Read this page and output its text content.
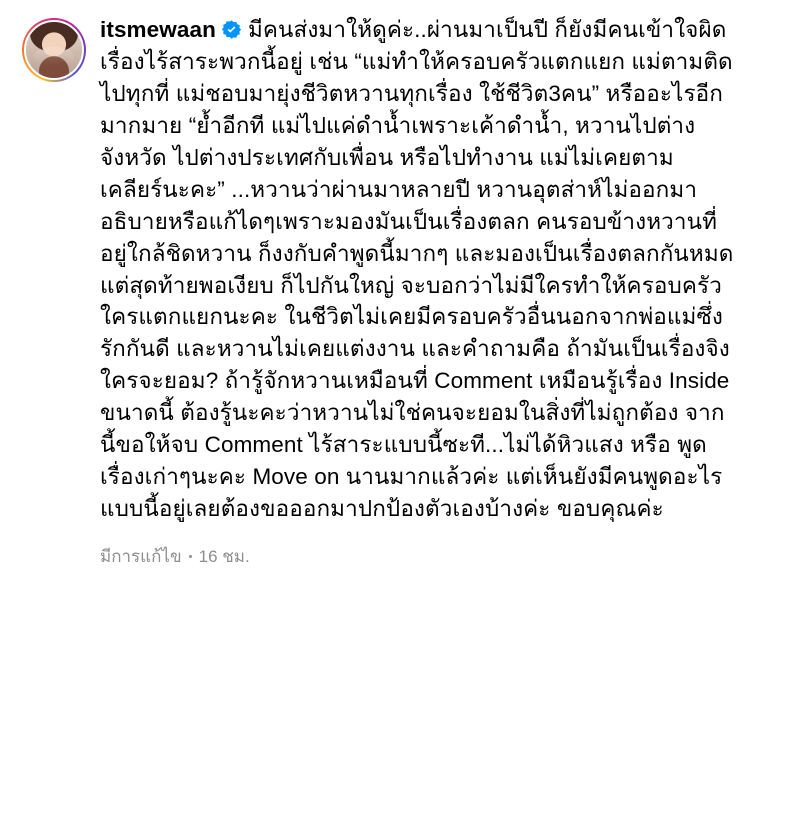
itsmewaan มีคนส่งมาให้ดูค่ะ..ผ่านมาเป็นปี ก็ยังมีคนเข้าใจผิดเรื่องไร้สาระพวกนี้อยู่ เช่น “แม่ทำให้ครอบครัวแตกแยก แม่ตามติดไปทุกที่ แม่ชอบมายุ่งชีวิตหวานทุกเรื่อง ใช้ชีวิต3คน” หรืออะไรอีกมากมาย “ย้ำอีกที แม่ไปแค่ดำน้ำเพราะเค้าดำน้ำ, หวานไปต่างจังหวัด ไปต่างประเทศกับเพื่อน หรือไปทำงาน แม่ไม่เคยตาม เคลียร์นะคะ” ...หวานว่าผ่านมาหลายปี หวานอุตส่าห์ไม่ออกมาอธิบายหรือแก้ไดๆเพราะมองมันเป็นเรื่องตลก คนรอบข้างหวานที่อยู่ใกล้ชิดหวาน ก็งงกับคำพูดนี้มากๆ และมองเป็นเรื่องตลกกันหมด แต่สุดท้ายพอเงียบ ก็ไปกันใหญ่ จะบอกว่าไม่มีใครทำให้ครอบครัวใครแตกแยกนะคะ ในชีวิตไม่เคยมีครอบครัวอื่นนอกจากพ่อแม่ซึ่งรักกันดี และหวานไม่เคยแต่งงาน และคำถามคือ ถ้ามันเป็นเรื่องจิง ใครจะยอม? ถ้ารู้จักหวานเหมือนที่ Comment เหมือนรู้เรื่อง Inside ขนาดนี้ ต้องรู้นะคะว่าหวานไม่ใช่คนจะยอมในสิ่งที่ไม่ถูกต้อง จากนี้ขอให้จบ Comment ไร้สาระแบบนี้ซะที...ไม่ได้หิวแสง หรือ พูดเรื่องเก่าๆนะคะ Move on นานมากแล้วค่ะ แต่เห็นยังมีคนพูดอะไรแบบนี้อยู่เลยต้องขอออกมาปกป้องตัวเองบ้างค่ะ ขอบคุณค่ะ
มีการแก้ไข 16 ชม.
